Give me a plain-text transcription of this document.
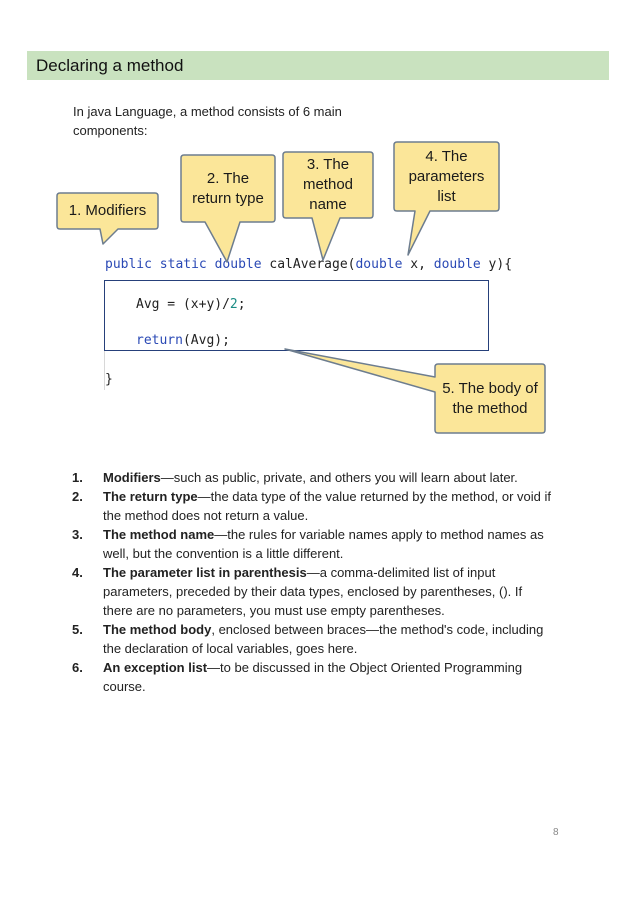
Declaring a method
In java Language, a method consists of 6 main components:
public static double calAverage(double x, double y){
Avg = (x+y)/2;
return(Avg);
}
1. Modifiers
2. The return type
3. The method name
4. The parameters list
5. The body of the method
1. Modifiers—such as public, private, and others you will learn about later.
2. The return type—the data type of the value returned by the method, or void if the method does not return a value.
3. The method name—the rules for variable names apply to method names as well, but the convention is a little different.
4. The parameter list in parenthesis—a comma-delimited list of input parameters, preceded by their data types, enclosed by parentheses, (). If there are no parameters, you must use empty parentheses.
5. The method body, enclosed between braces—the method's code, including the declaration of local variables, goes here.
6. An exception list—to be discussed in the Object Oriented Programming course.
8
